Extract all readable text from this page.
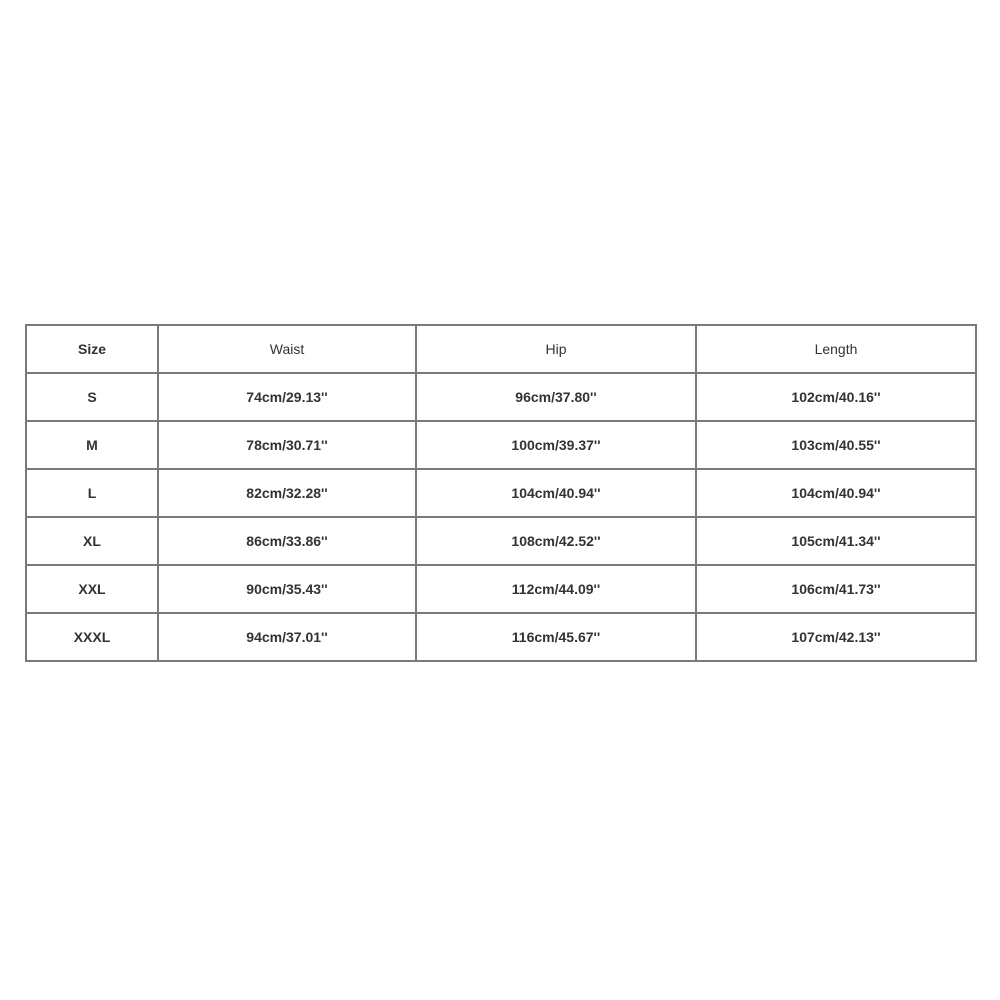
Size	Waist	Hip	Length
S	74cm/29.13''	96cm/37.80''	102cm/40.16''
M	78cm/30.71''	100cm/39.37''	103cm/40.55''
L	82cm/32.28''	104cm/40.94''	104cm/40.94''
XL	86cm/33.86''	108cm/42.52''	105cm/41.34''
XXL	90cm/35.43''	112cm/44.09''	106cm/41.73''
XXXL	94cm/37.01''	116cm/45.67''	107cm/42.13''
